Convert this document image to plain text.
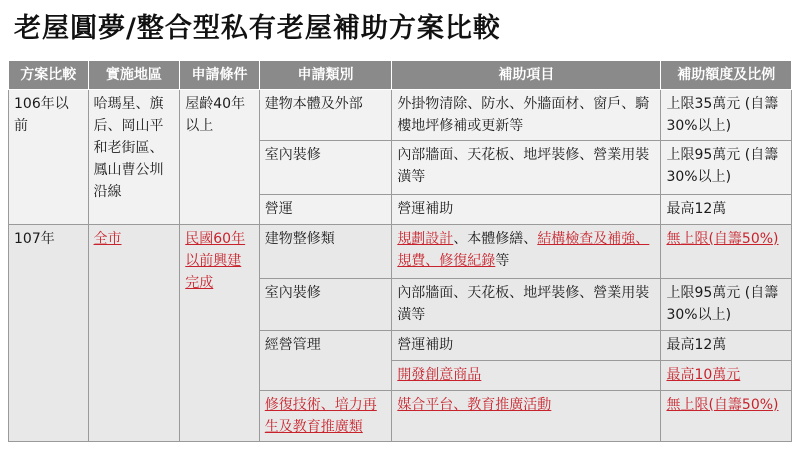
老屋圓夢/整合型私有老屋補助方案比較
方案比較	實施地區	申請條件	申請類別	補助項目	補助額度及比例
106年以前	哈瑪星、旗后、岡山平和老街區、鳳山曹公圳沿線	屋齡40年以上	建物本體及外部	外掛物清除、防水、外牆面材、窗戶、騎樓地坪修補或更新等	上限35萬元 (自籌30%以上)
			室內裝修	內部牆面、天花板、地坪裝修、營業用裝潢等	上限95萬元 (自籌30%以上)
			營運	營運補助	最高12萬
107年	全市	民國60年以前興建完成	建物整修類	規劃設計、本體修繕、結構檢查及補強、規費、修復紀錄等	無上限(自籌50%)
			室內裝修	內部牆面、天花板、地坪裝修、營業用裝潢等	上限95萬元 (自籌30%以上)
			經營管理	營運補助	最高12萬
				開發創意商品	最高10萬元
			修復技術、培力再生及教育推廣類	媒合平台、教育推廣活動	無上限(自籌50%)
